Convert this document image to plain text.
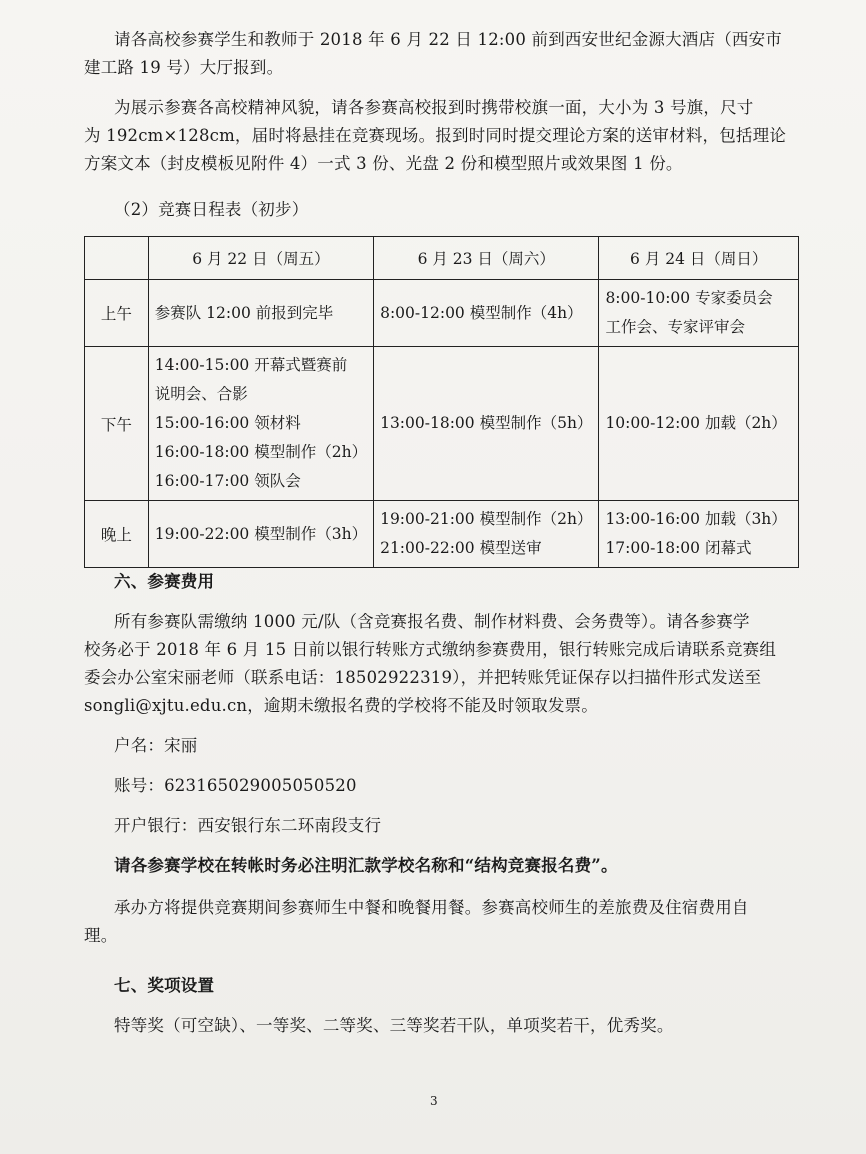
请各高校参赛学生和教师于 2018 年 6 月 22 日 12:00 前到西安世纪金源大酒店（西安市
建工路 19 号）大厅报到。
为展示参赛各高校精神风貌，请各参赛高校报到时携带校旗一面，大小为 3 号旗，尺寸
为 192cm×128cm，届时将悬挂在竞赛现场。报到时同时提交理论方案的送审材料，包括理论
方案文本（封皮模板见附件 4）一式 3 份、光盘 2 份和模型照片或效果图 1 份。
（2）竞赛日程表（初步）
	6 月 22 日（周五）	6 月 23 日（周六）	6 月 24 日（周日）
上午	参赛队 12:00 前报到完毕	8:00-12:00 模型制作（4h）	8:00-10:00 专家委员会
工作会、专家评审会

下午	14:00-15:00 开幕式暨赛前
说明会、合影
15:00-16:00 领材料
16:00-18:00 模型制作（2h）
16:00-17:00 领队会	13:00-18:00 模型制作（5h）	10:00-12:00 加载（2h）

晚上	19:00-22:00 模型制作（3h）	19:00-21:00 模型制作（2h）
21:00-22:00 模型送审	13:00-16:00 加载（3h）
17:00-18:00 闭幕式
六、参赛费用
所有参赛队需缴纳 1000 元/队（含竞赛报名费、制作材料费、会务费等）。请各参赛学
校务必于 2018 年 6 月 15 日前以银行转账方式缴纳参赛费用，银行转账完成后请联系竞赛组
委会办公室宋丽老师（联系电话：18502922319），并把转账凭证保存以扫描件形式发送至
songli@xjtu.edu.cn，逾期未缴报名费的学校将不能及时领取发票。
户名：宋丽
账号：623165029005050520
开户银行：西安银行东二环南段支行
请各参赛学校在转帐时务必注明汇款学校名称和“结构竞赛报名费”。
承办方将提供竞赛期间参赛师生中餐和晚餐用餐。参赛高校师生的差旅费及住宿费用自
理。
七、奖项设置
特等奖（可空缺）、一等奖、二等奖、三等奖若干队，单项奖若干，优秀奖。
3
